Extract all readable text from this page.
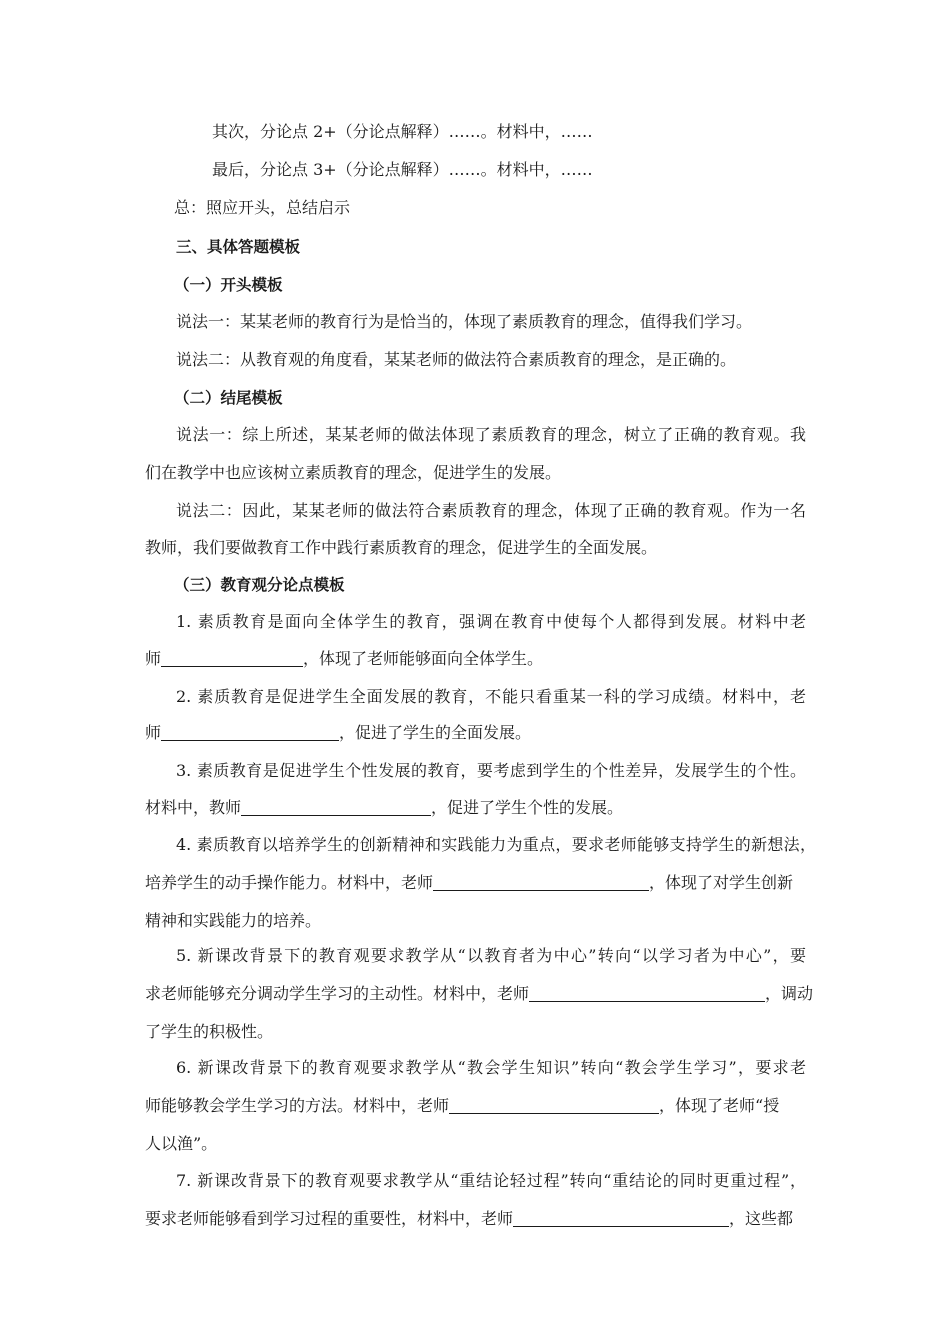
其次，分论点 2+（分论点解释）……。材料中，……
最后，分论点 3+（分论点解释）……。材料中，……
总：照应开头，总结启示
三、具体答题模板
（一）开头模板
说法一：某某老师的教育行为是恰当的，体现了素质教育的理念，值得我们学习。
说法二：从教育观的角度看，某某老师的做法符合素质教育的理念，是正确的。
（二）结尾模板
说法一：综上所述，某某老师的做法体现了素质教育的理念，树立了正确的教育观。我
们在教学中也应该树立素质教育的理念，促进学生的发展。
说法二：因此，某某老师的做法符合素质教育的理念，体现了正确的教育观。作为一名
教师，我们要做教育工作中践行素质教育的理念，促进学生的全面发展。
（三）教育观分论点模板
1. 素质教育是面向全体学生的教育，强调在教育中使每个人都得到发展。材料中老
师	，体现了老师能够面向全体学生。
2. 素质教育是促进学生全面发展的教育，不能只看重某一科的学习成绩。材料中，老
师	，促进了学生的全面发展。
3. 素质教育是促进学生个性发展的教育，要考虑到学生的个性差异，发展学生的个性。
材料中，教师	，促进了学生个性的发展。
4. 素质教育以培养学生的创新精神和实践能力为重点，要求老师能够支持学生的新想法，
培养学生的动手操作能力。材料中，老师	，体现了对学生创新
精神和实践能力的培养。
5. 新课改背景下的教育观要求教学从“以教育者为中心”转向“以学习者为中心”，要
求老师能够充分调动学生学习的主动性。材料中，老师	，调动
了学生的积极性。
6. 新课改背景下的教育观要求教学从“教会学生知识”转向“教会学生学习”，要求老
师能够教会学生学习的方法。材料中，老师	，体现了老师“授
人以渔”。
7. 新课改背景下的教育观要求教学从“重结论轻过程”转向“重结论的同时更重过程”，
要求老师能够看到学习过程的重要性，材料中，老师	，这些都
